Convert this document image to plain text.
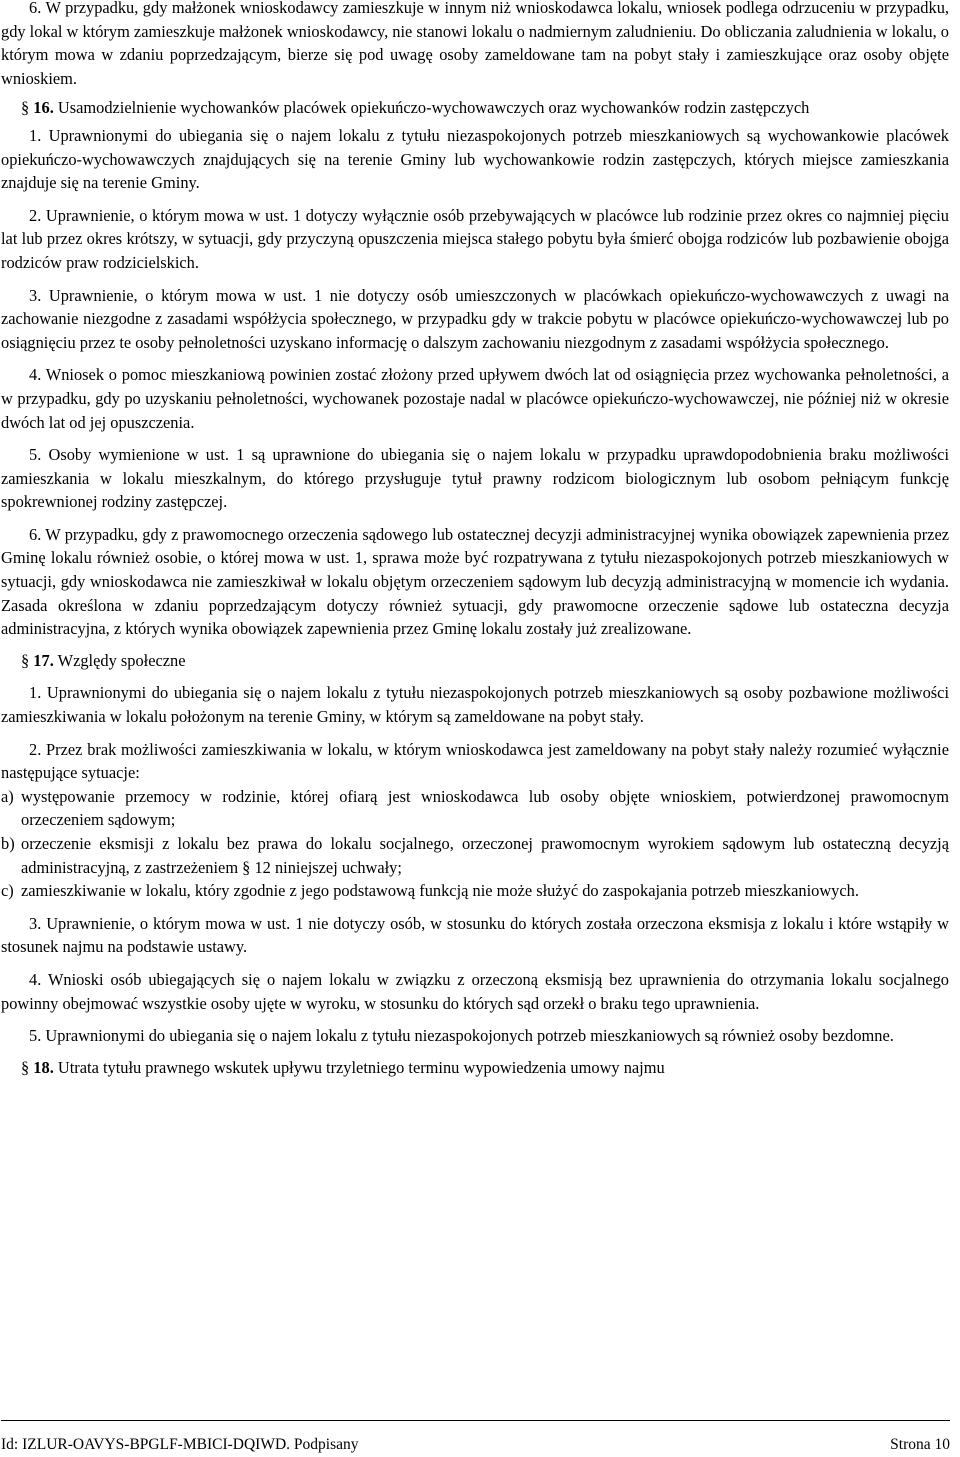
6. W przypadku, gdy małżonek wnioskodawcy zamieszkuje w innym niż wnioskodawca lokalu, wniosek podlega odrzuceniu w przypadku, gdy lokal w którym zamieszkuje małżonek wnioskodawcy, nie stanowi lokalu o nadmiernym zaludnieniu. Do obliczania zaludnienia w lokalu, o którym mowa w zdaniu poprzedzającym, bierze się pod uwagę osoby zameldowane tam na pobyt stały i zamieszkujące oraz osoby objęte wnioskiem.

§ 16. Usamodzielnienie wychowanków placówek opiekuńczo-wychowawczych oraz wychowanków rodzin zastępczych

1. Uprawnionymi do ubiegania się o najem lokalu z tytułu niezaspokojonych potrzeb mieszkaniowych są wychowankowie placówek opiekuńczo-wychowawczych znajdujących się na terenie Gminy lub wychowankowie rodzin zastępczych, których miejsce zamieszkania znajduje się na terenie Gminy.

2. Uprawnienie, o którym mowa w ust. 1 dotyczy wyłącznie osób przebywających w placówce lub rodzinie przez okres co najmniej pięciu lat lub przez okres krótszy, w sytuacji, gdy przyczyną opuszczenia miejsca stałego pobytu była śmierć obojga rodziców lub pozbawienie obojga rodziców praw rodzicielskich.

3. Uprawnienie, o którym mowa w ust. 1 nie dotyczy osób umieszczonych w placówkach opiekuńczo-wychowawczych z uwagi na zachowanie niezgodne z zasadami współżycia społecznego, w przypadku gdy w trakcie pobytu w placówce opiekuńczo-wychowawczej lub po osiągnięciu przez te osoby pełnoletności uzyskano informację o dalszym zachowaniu niezgodnym z zasadami współżycia społecznego.

4. Wniosek o pomoc mieszkaniową powinien zostać złożony przed upływem dwóch lat od osiągnięcia przez wychowanka pełnoletności, a w przypadku, gdy po uzyskaniu pełnoletności, wychowanek pozostaje nadal w placówce opiekuńczo-wychowawczej, nie później niż w okresie dwóch lat od jej opuszczenia.

5. Osoby wymienione w ust. 1 są uprawnione do ubiegania się o najem lokalu w przypadku uprawdopodobnienia braku możliwości zamieszkania w lokalu mieszkalnym, do którego przysługuje tytuł prawny rodzicom biologicznym lub osobom pełniącym funkcję spokrewnionej rodziny zastępczej.

6. W przypadku, gdy z prawomocnego orzeczenia sądowego lub ostatecznej decyzji administracyjnej wynika obowiązek zapewnienia przez Gminę lokalu również osobie, o której mowa w ust. 1, sprawa może być rozpatrywana z tytułu niezaspokojonych potrzeb mieszkaniowych w sytuacji, gdy wnioskodawca nie zamieszkiwał w lokalu objętym orzeczeniem sądowym lub decyzją administracyjną w momencie ich wydania. Zasada określona w zdaniu poprzedzającym dotyczy również sytuacji, gdy prawomocne orzeczenie sądowe lub ostateczna decyzja administracyjna, z których wynika obowiązek zapewnienia przez Gminę lokalu zostały już zrealizowane.

§ 17. Względy społeczne

1. Uprawnionymi do ubiegania się o najem lokalu z tytułu niezaspokojonych potrzeb mieszkaniowych są osoby pozbawione możliwości zamieszkiwania w lokalu położonym na terenie Gminy, w którym są zameldowane na pobyt stały.

2. Przez brak możliwości zamieszkiwania w lokalu, w którym wnioskodawca jest zameldowany na pobyt stały należy rozumieć wyłącznie następujące sytuacje:

a) występowanie przemocy w rodzinie, której ofiarą jest wnioskodawca lub osoby objęte wnioskiem, potwierdzonej prawomocnym orzeczeniem sądowym;
b) orzeczenie eksmisji z lokalu bez prawa do lokalu socjalnego, orzeczonej prawomocnym wyrokiem sądowym lub ostateczną decyzją administracyjną, z zastrzeżeniem § 12 niniejszej uchwały;
c) zamieszkiwanie w lokalu, który zgodnie z jego podstawową funkcją nie może służyć do zaspokajania potrzeb mieszkaniowych.

3. Uprawnienie, o którym mowa w ust. 1 nie dotyczy osób, w stosunku do których została orzeczona eksmisja z lokalu i które wstąpiły w stosunek najmu na podstawie ustawy.

4. Wnioski osób ubiegających się o najem lokalu w związku z orzeczoną eksmisją bez uprawnienia do otrzymania lokalu socjalnego powinny obejmować wszystkie osoby ujęte w wyroku, w stosunku do których sąd orzekł o braku tego uprawnienia.

5. Uprawnionymi do ubiegania się o najem lokalu z tytułu niezaspokojonych potrzeb mieszkaniowych są również osoby bezdomne.

§ 18. Utrata tytułu prawnego wskutek upływu trzyletniego terminu wypowiedzenia umowy najmu

Id: IZLUR-OAVYS-BPGLF-MBICI-DQIWD. Podpisany	Strona 10
